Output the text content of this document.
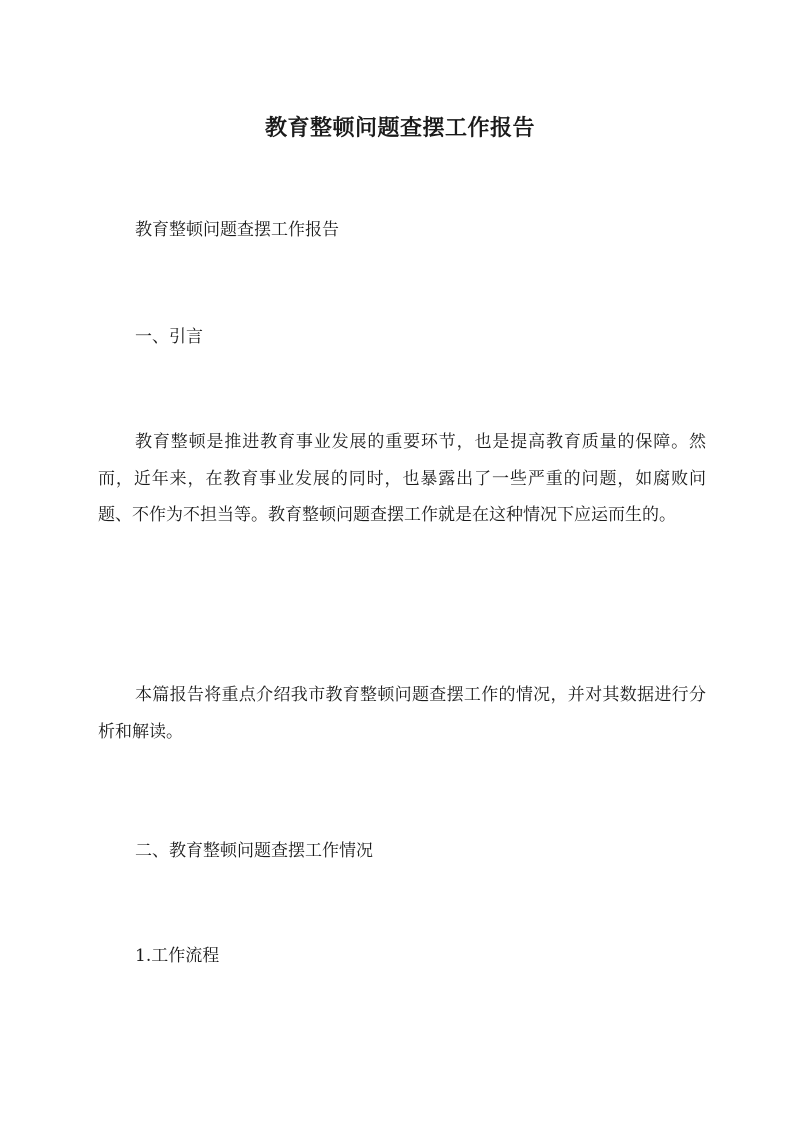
教育整顿问题查摆工作报告

教育整顿问题查摆工作报告

一、引言

教育整顿是推进教育事业发展的重要环节，也是提高教育质量的保障。然而，近年来，在教育事业发展的同时，也暴露出了一些严重的问题，如腐败问题、不作为不担当等。教育整顿问题查摆工作就是在这种情况下应运而生的。

本篇报告将重点介绍我市教育整顿问题查摆工作的情况，并对其数据进行分析和解读。

二、教育整顿问题查摆工作情况

1.工作流程
